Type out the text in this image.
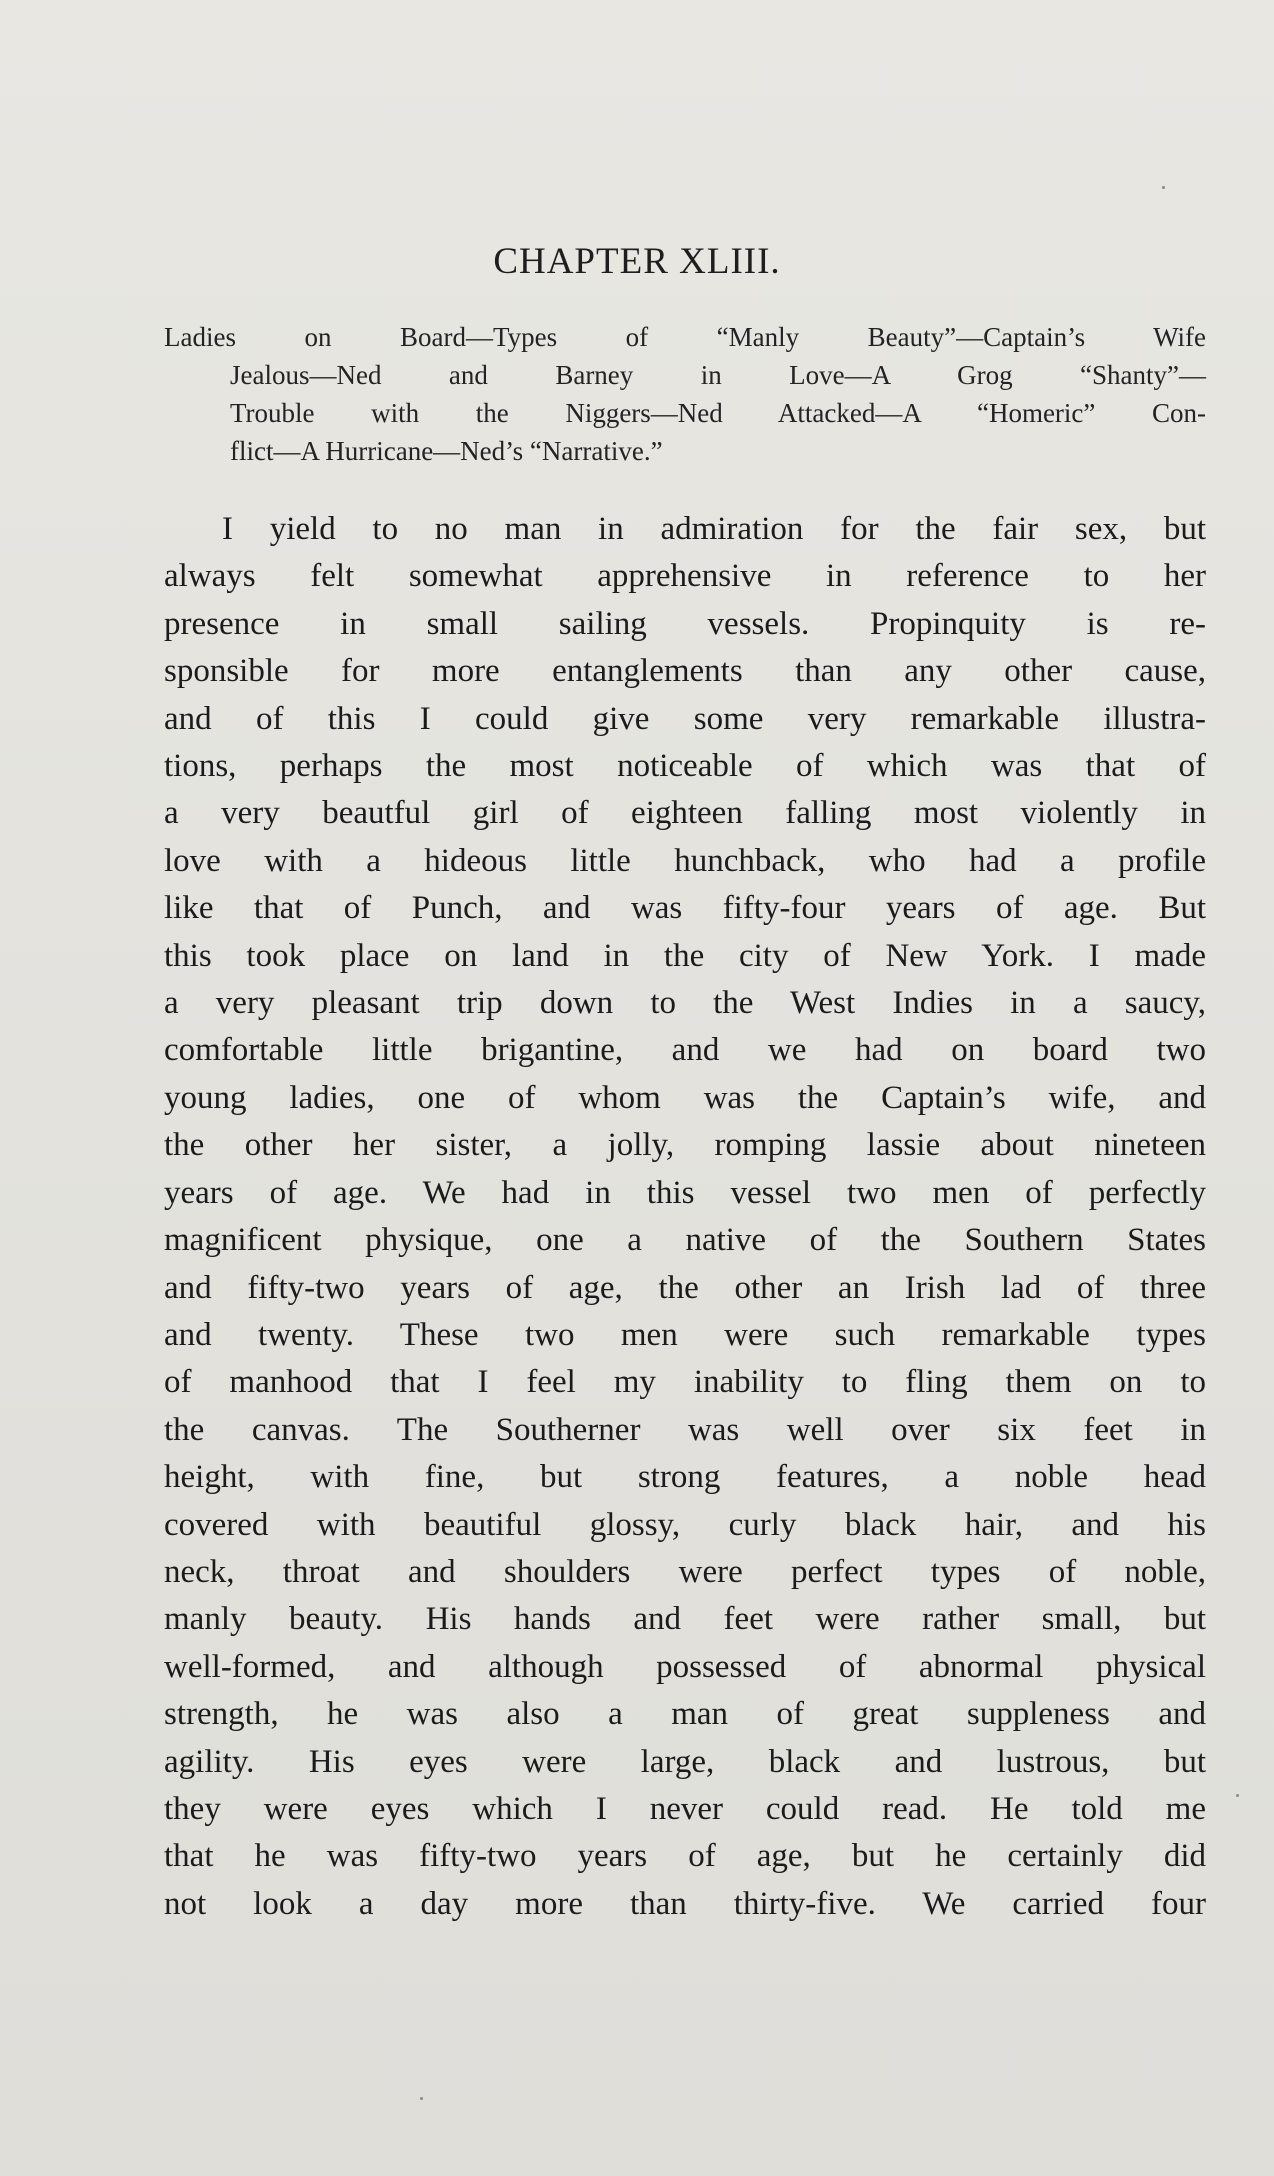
CHAPTER XLIII.
Ladies on Board—Types of “Manly Beauty”—Captain’s Wife
Jealous—Ned and Barney in Love—A Grog “Shanty”—
Trouble with the Niggers—Ned Attacked—A “Homeric” Con-
flict—A Hurricane—Ned’s “Narrative.”
I yield to no man in admiration for the fair sex, but
always felt somewhat apprehensive in reference to her
presence in small sailing vessels. Propinquity is re-
sponsible for more entanglements than any other cause,
and of this I could give some very remarkable illustra-
tions, perhaps the most noticeable of which was that of
a very beautful girl of eighteen falling most violently in
love with a hideous little hunchback, who had a profile
like that of Punch, and was fifty-four years of age. But
this took place on land in the city of New York. I made
a very pleasant trip down to the West Indies in a saucy,
comfortable little brigantine, and we had on board two
young ladies, one of whom was the Captain’s wife, and
the other her sister, a jolly, romping lassie about nineteen
years of age. We had in this vessel two men of perfectly
magnificent physique, one a native of the Southern States
and fifty-two years of age, the other an Irish lad of three
and twenty. These two men were such remarkable types
of manhood that I feel my inability to fling them on to
the canvas. The Southerner was well over six feet in
height, with fine, but strong features, a noble head
covered with beautiful glossy, curly black hair, and his
neck, throat and shoulders were perfect types of noble,
manly beauty. His hands and feet were rather small, but
well-formed, and although possessed of abnormal physical
strength, he was also a man of great suppleness and
agility. His eyes were large, black and lustrous, but
they were eyes which I never could read. He told me
that he was fifty-two years of age, but he certainly did
not look a day more than thirty-five. We carried four
